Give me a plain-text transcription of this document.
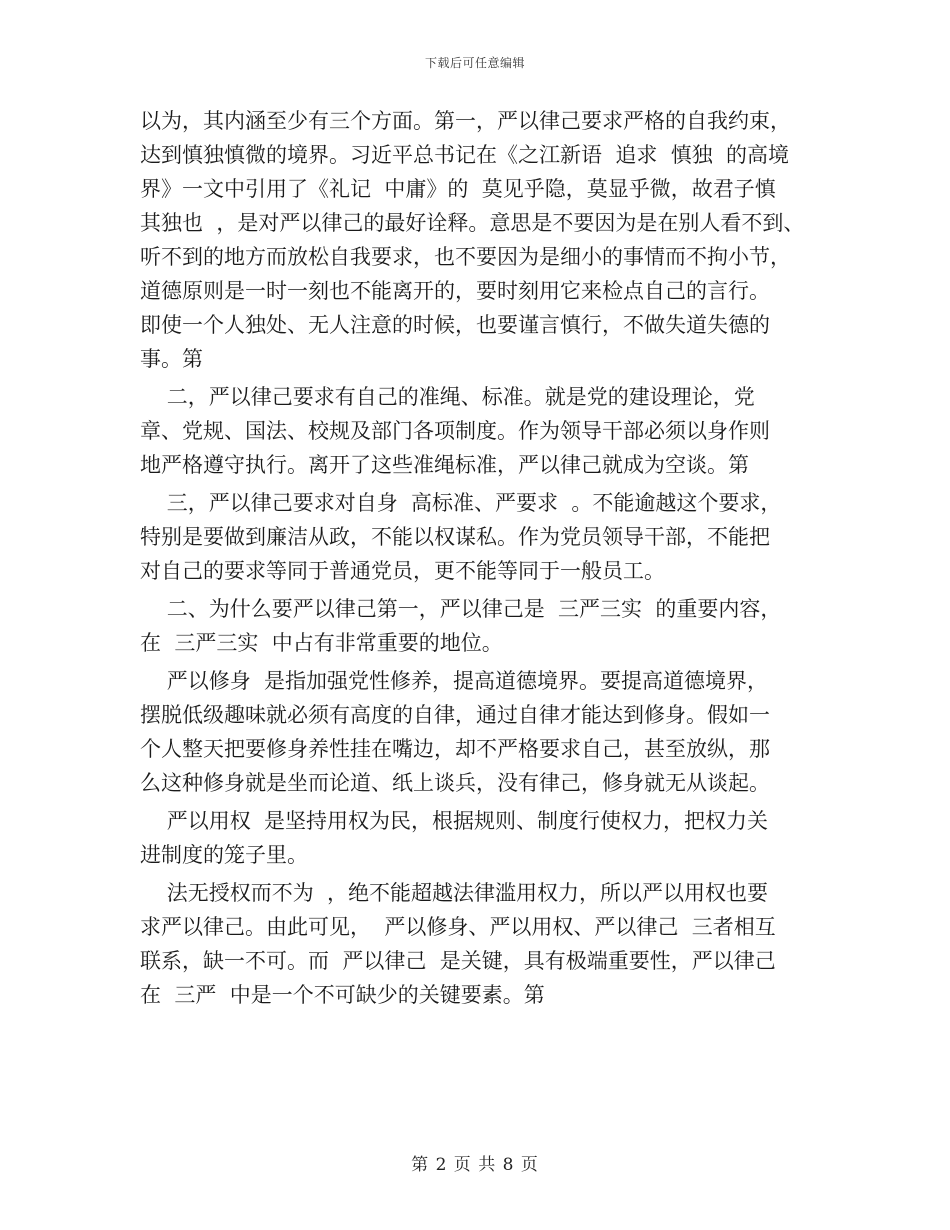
下载后可任意编辑
以为，其内涵至少有三个方面。第一，严以律己要求严格的自我约束，
达到慎独慎微的境界。习近平总书记在《之江新语  追求  慎独  的高境
界》一文中引用了《礼记  中庸》的  莫见乎隐，莫显乎微，故君子慎
其独也  ，是对严以律己的最好诠释。意思是不要因为是在别人看不到、
听不到的地方而放松自我要求，也不要因为是细小的事情而不拘小节，
道德原则是一时一刻也不能离开的，要时刻用它来检点自己的言行。
即使一个人独处、无人注意的时候，也要谨言慎行，不做失道失德的
事。第
二，严以律己要求有自己的准绳、标准。就是党的建设理论，党
章、党规、国法、校规及部门各项制度。作为领导干部必须以身作则
地严格遵守执行。离开了这些准绳标准，严以律己就成为空谈。第
三，严以律己要求对自身  高标准、严要求  。不能逾越这个要求，
特别是要做到廉洁从政，不能以权谋私。作为党员领导干部，不能把
对自己的要求等同于普通党员，更不能等同于一般员工。
二、为什么要严以律己第一，严以律己是  三严三实  的重要内容，
在  三严三实  中占有非常重要的地位。
严以修身  是指加强党性修养，提高道德境界。要提高道德境界，
摆脱低级趣味就必须有高度的自律，通过自律才能达到修身。假如一
个人整天把要修身养性挂在嘴边，却不严格要求自己，甚至放纵，那
么这种修身就是坐而论道、纸上谈兵，没有律己，修身就无从谈起。
严以用权  是坚持用权为民，根据规则、制度行使权力，把权力关
进制度的笼子里。
法无授权而不为  ，绝不能超越法律滥用权力，所以严以用权也要
求严以律己。由此可见，  严以修身、严以用权、严以律己  三者相互
联系，缺一不可。而  严以律己  是关键，具有极端重要性，严以律己
在  三严  中是一个不可缺少的关键要素。第
第 2 页 共 8 页
